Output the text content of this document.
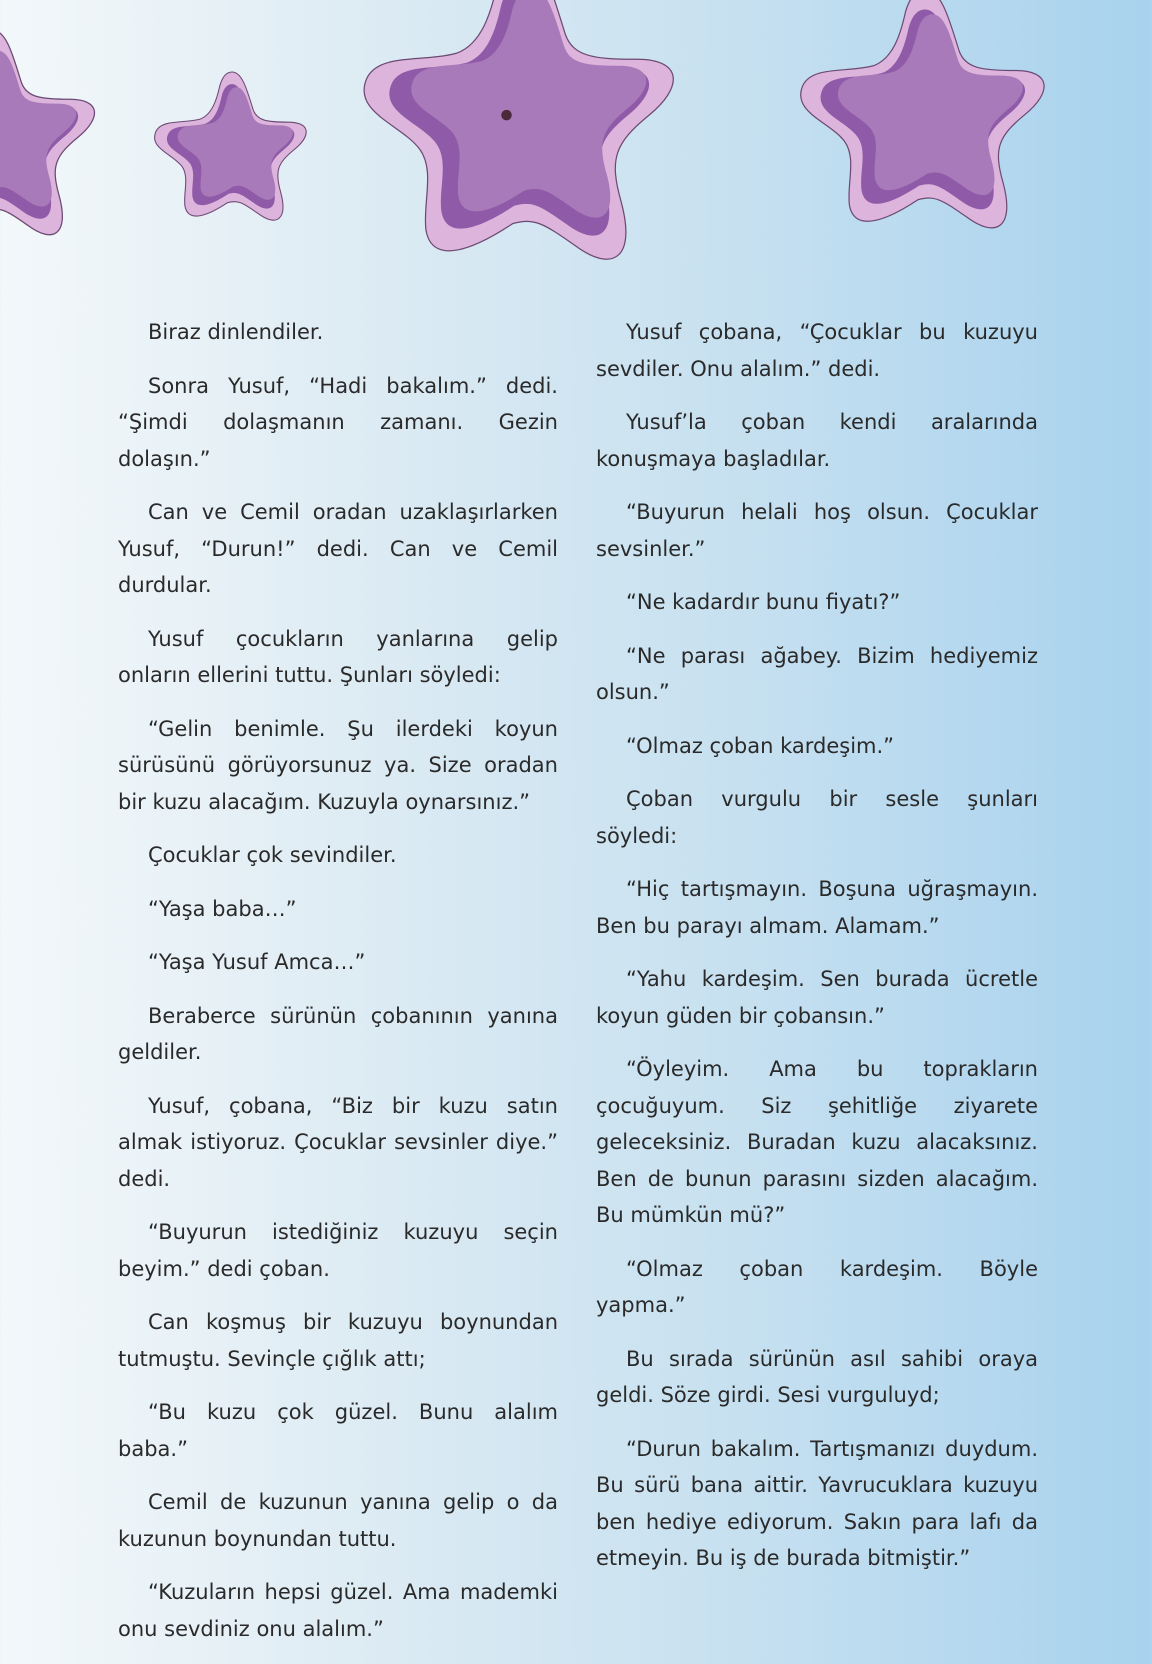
Biraz dinlendiler.

Sonra Yusuf, “Hadi bakalım.” dedi. “Şimdi dolaşmanın zamanı. Gezin dolaşın.”

Can ve Cemil oradan uzaklaşırlarken Yusuf, “Durun!” dedi. Can ve Cemil durdular.

Yusuf çocukların yanlarına gelip onların ellerini tuttu. Şunları söyledi:

“Gelin benimle. Şu ilerdeki koyun sürüsünü görüyorsunuz ya. Size oradan bir kuzu alacağım. Kuzuyla oynarsınız.”

Çocuklar çok sevindiler.

“Yaşa baba…”

“Yaşa Yusuf Amca…”

Beraberce sürünün çobanının yanına geldiler.

Yusuf, çobana, “Biz bir kuzu satın almak istiyoruz. Çocuklar sevsinler diye.” dedi.

“Buyurun istediğiniz kuzuyu seçin beyim.” dedi çoban.

Can koşmuş bir kuzuyu boynundan tutmuştu. Sevinçle çığlık attı;

“Bu kuzu çok güzel. Bunu alalım baba.”

Cemil de kuzunun yanına gelip o da kuzunun boynundan tuttu.

“Kuzuların hepsi güzel. Ama mademki onu sevdiniz onu alalım.”

Yusuf çobana, “Çocuklar bu kuzuyu sevdiler. Onu alalım.” dedi.

Yusuf’la çoban kendi aralarında konuşmaya başladılar.

“Buyurun helali hoş olsun. Çocuklar sevsinler.”

“Ne kadardır bunu fiyatı?”

“Ne parası ağabey. Bizim hediyemiz olsun.”

“Olmaz çoban kardeşim.”

Çoban vurgulu bir sesle şunları söyledi:

“Hiç tartışmayın. Boşuna uğraşmayın. Ben bu parayı almam. Alamam.”

“Yahu kardeşim. Sen burada ücretle koyun güden bir çobansın.”

“Öyleyim. Ama bu toprakların çocuğuyum. Siz şehitliğe ziyarete geleceksiniz. Buradan kuzu alacaksınız. Ben de bunun parasını sizden alacağım. Bu mümkün mü?”

“Olmaz çoban kardeşim. Böyle yapma.”

Bu sırada sürünün asıl sahibi oraya geldi. Söze girdi. Sesi vurguluyd;

“Durun bakalım. Tartışmanızı duydum. Bu sürü bana aittir. Yavrucuklara kuzuyu ben hediye ediyorum. Sakın para lafı da etmeyin. Bu iş de burada bitmiştir.”
